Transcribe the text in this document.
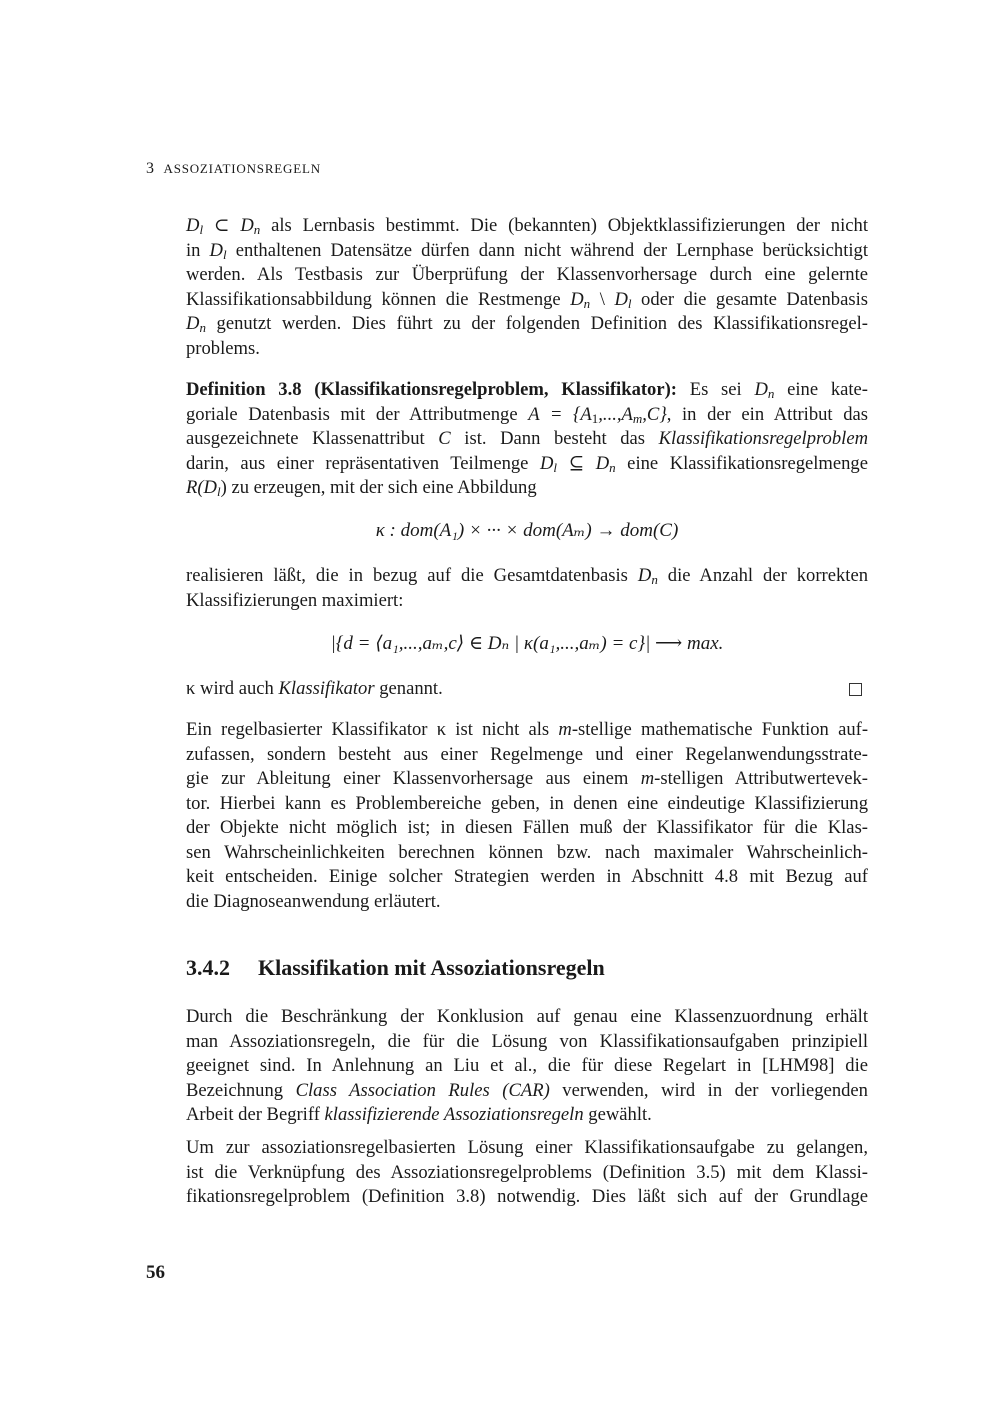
3 ASSOZIATIONSREGELN

$D_l$ ⊂ $D_n$ als Lernbasis bestimmt. Die (bekannten) Objektklassifizierungen der nicht

in $D_l$ enthaltenen Datensätze dürfen dann nicht während der Lernphase berücksichtigt

werden. Als Testbasis zur Überprüfung der Klassenvorhersage durch eine gelernte

Klassifikationsabbildung können die Restmenge $D_n$ \ $D_l$ oder die gesamte Datenbasis

$D_n$ genutzt werden. Dies führt zu der folgenden Definition des Klassifikationsregel-

problems.

Definition 3.8 (Klassifikationsregelproblem, Klassifikator): Es sei $D_n$ eine kate-

goriale Datenbasis mit der Attributmenge $A = \{A_1,...,A_m,C\}$, in der ein Attribut das

ausgezeichnete Klassenattribut C ist. Dann besteht das Klassifikationsregelproblem

darin, aus einer repräsentativen Teilmenge $D_l$ ⊆ $D_n$ eine Klassifikationsregelmenge

$R(D_l)$ zu erzeugen, mit der sich eine Abbildung

κ : dom(A₁) × ··· × dom(Aₘ) → dom(C)

realisieren läßt, die in bezug auf die Gesamtdatenbasis $D_n$ die Anzahl der korrekten

Klassifizierungen maximiert:

|{d = ⟨a₁,...,aₘ,c⟩ ∈ Dₙ | κ(a₁,...,aₘ) = c}| ⟶ max.
κ wird auch Klassifikator genannt.

Ein regelbasierter Klassifikator κ ist nicht als m-stellige mathematische Funktion auf-

zufassen, sondern besteht aus einer Regelmenge und einer Regelanwendungsstrate-

gie zur Ableitung einer Klassenvorhersage aus einem m-stelligen Attributwertevek-

tor. Hierbei kann es Problembereiche geben, in denen eine eindeutige Klassifizierung

der Objekte nicht möglich ist; in diesen Fällen muß der Klassifikator für die Klas-

sen Wahrscheinlichkeiten berechnen können bzw. nach maximaler Wahrscheinlich-

keit entscheiden. Einige solcher Strategien werden in Abschnitt 4.8 mit Bezug auf

die Diagnoseanwendung erläutert.

3.4.2 Klassifikation mit Assoziationsregeln

Durch die Beschränkung der Konklusion auf genau eine Klassenzuordnung erhält

man Assoziationsregeln, die für die Lösung von Klassifikationsaufgaben prinzipiell

geeignet sind. In Anlehnung an Liu et al., die für diese Regelart in [LHM98] die

Bezeichnung Class Association Rules (CAR) verwenden, wird in der vorliegenden

Arbeit der Begriff klassifizierende Assoziationsregeln gewählt.

Um zur assoziationsregelbasierten Lösung einer Klassifikationsaufgabe zu gelangen,

ist die Verknüpfung des Assoziationsregelproblems (Definition 3.5) mit dem Klassi-

fikationsregelproblem (Definition 3.8) notwendig. Dies läßt sich auf der Grundlage

56
